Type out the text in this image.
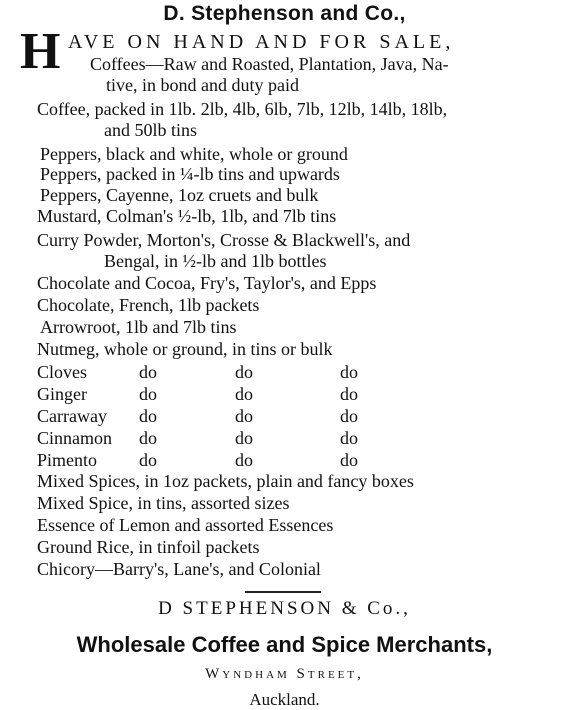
D. Stephenson and Co.,
H AVE ON HAND AND FOR SALE,
Coffees—Raw and Roasted, Plantation, Java, Na-
tive, in bond and duty paid
Coffee, packed in 1lb. 2lb, 4lb, 6lb, 7lb, 12lb, 14lb, 18lb,
and 50lb tins
Peppers, black and white, whole or ground
Peppers, packed in ¼-lb tins and upwards
Peppers, Cayenne, 1oz cruets and bulk
Mustard, Colman's ½-lb, 1lb, and 7lb tins
Curry Powder, Morton's, Crosse & Blackwell's, and
Bengal, in ½-lb and 1lb bottles
Chocolate and Cocoa, Fry's, Taylor's, and Epps
Chocolate, French, 1lb packets
Arrowroot, 1lb and 7lb tins
Nutmeg, whole or ground, in tins or bulk
Cloves	do	do	do
Ginger	do	do	do
Carraway do	do	do
Cinnamon do	do	do
Pimento do	do	do
Mixed Spices, in 1oz packets, plain and fancy boxes
Mixed Spice, in tins, assorted sizes
Essence of Lemon and assorted Essences
Ground Rice, in tinfoil packets
Chicory—Barry's, Lane's, and Colonial
D STEPHENSON & Co.,
Wholesale Coffee and Spice Merchants,
Wyndham Street,
Auckland.
